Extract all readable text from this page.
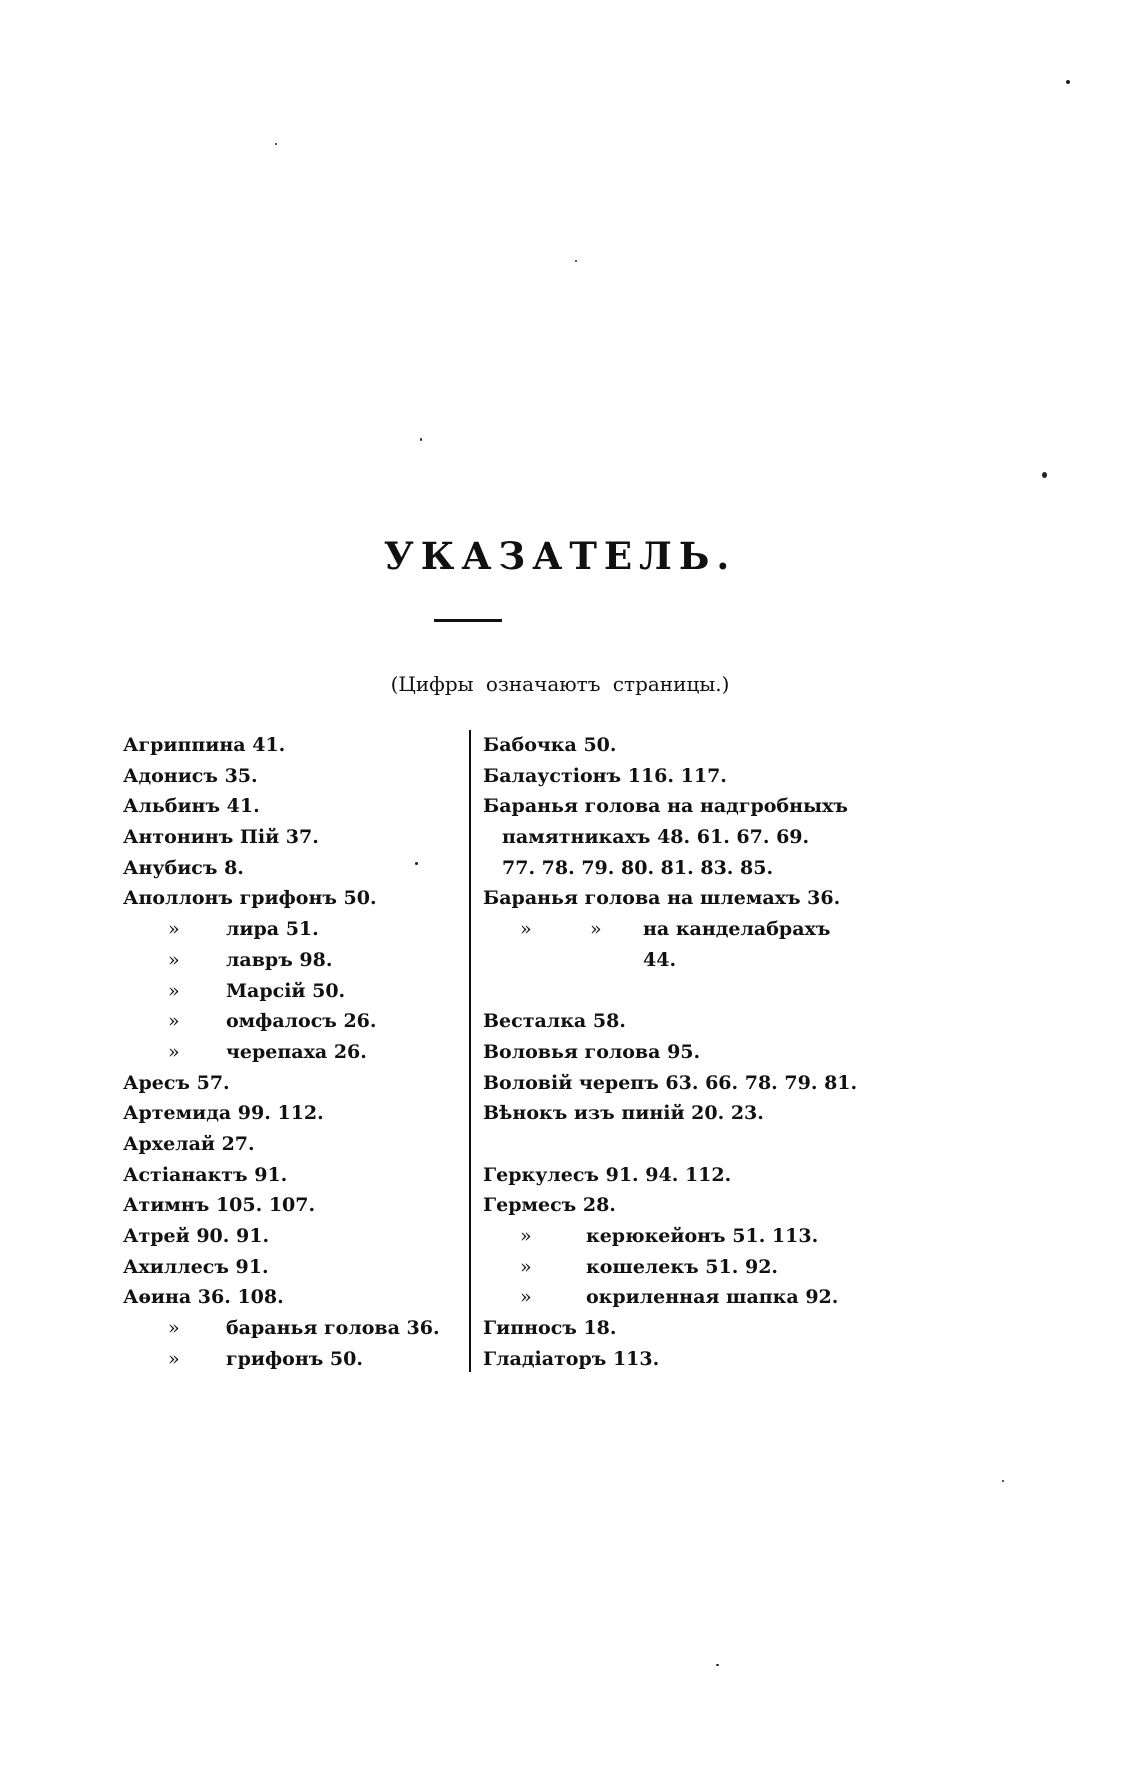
УКАЗАТЕЛЬ.
(Цифры означаютъ страницы.)
Агриппина 41.
Адонисъ 35.
Альбинъ 41.
Антонинъ Пій 37.
Анубисъ 8.
Аполлонъ грифонъ 50.
» лира 51.
» лавръ 98.
» Марсій 50.
» омфалосъ 26.
» черепаха 26.
Аресъ 57.
Артемида 99. 112.
Архелай 27.
Астіанактъ 91.
Атимнъ 105. 107.
Атрей 90. 91.
Ахиллесъ 91.
Аѳина 36. 108.
» баранья голова 36.
» грифонъ 50.
Бабочка 50.
Балаустіонъ 116. 117.
Баранья голова на надгробныхъ
памятникахъ 48. 61. 67. 69.
77. 78. 79. 80. 81. 83. 85.
Баранья голова на шлемахъ 36.
»	» на канделабрахъ
44.
Весталка 58.
Воловья голова 95.
Воловій черепъ 63. 66. 78. 79. 81.
Вѣнокъ изъ пиній 20. 23.
Геркулесъ 91. 94. 112.
Гермесъ 28.
»	керюкейонъ 51. 113.
»	кошелекъ 51. 92.
»	окриленная шапка 92.
Гипносъ 18.
Гладіаторъ 113.
